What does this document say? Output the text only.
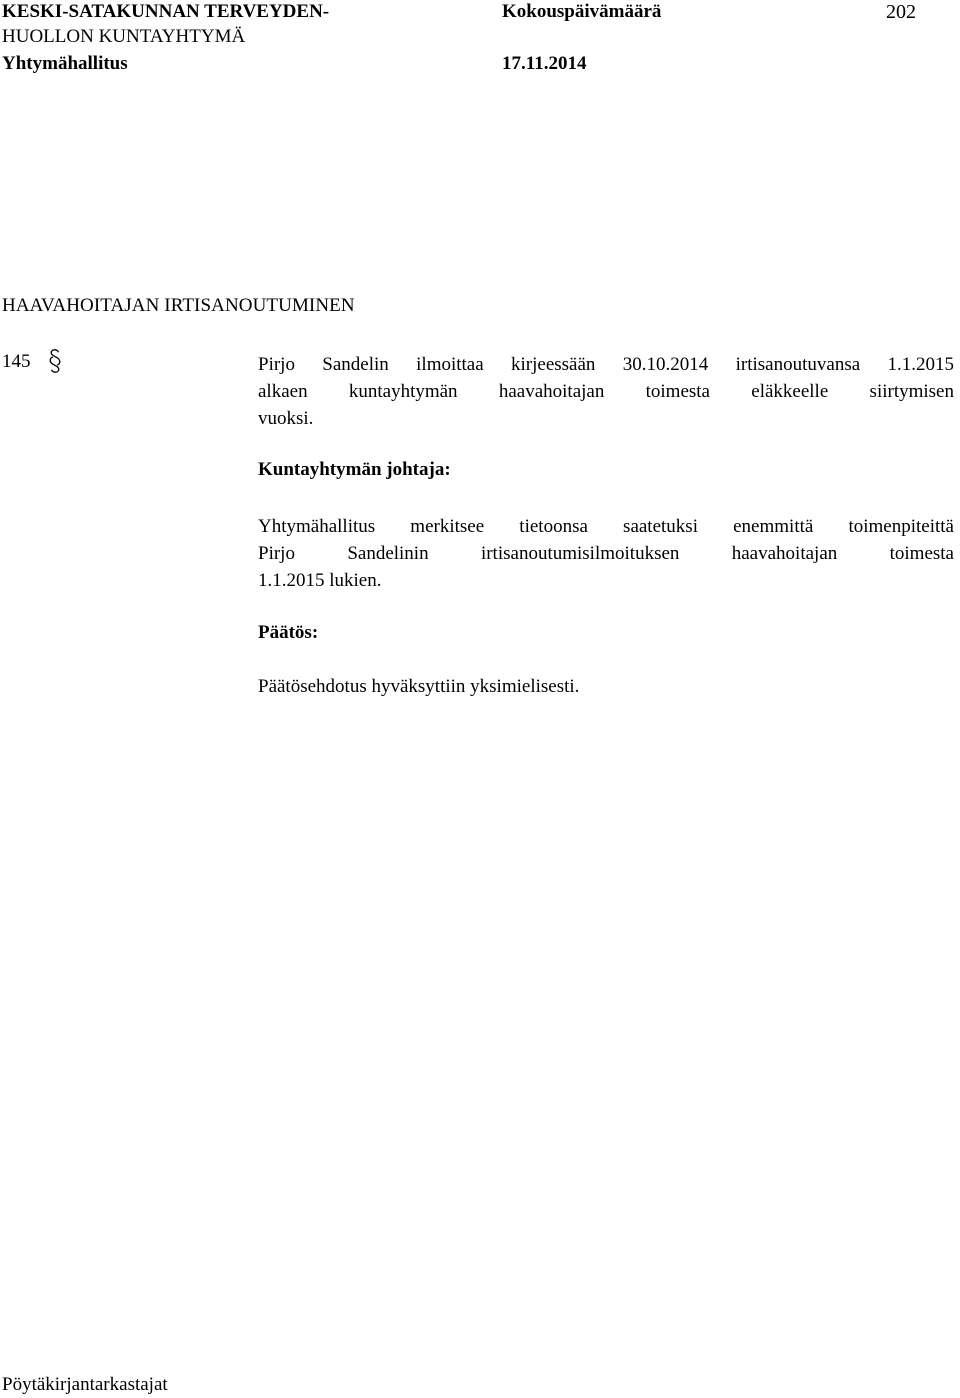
KESKI-SATAKUNNAN TERVEYDEN-
HUOLLON KUNTAYHTYMÄ
Yhtymähallitus
Kokouspäivämäärä
17.11.2014
202
HAAVAHOITAJAN IRTISANOUTUMINEN
145	Pirjo Sandelin ilmoittaa kirjeessään 30.10.2014 irtisanoutuvansa 1.1.2015
alkaen kuntayhtymän haavahoitajan toimesta eläkkeelle siirtymisen
vuoksi.
Kuntayhtymän johtaja:
Yhtymähallitus merkitsee tietoonsa saatetuksi enemmittä toimenpiteittä
Pirjo Sandelinin irtisanoutumisilmoituksen haavahoitajan toimesta
1.1.2015 lukien.
Päätös:
Päätösehdotus hyväksyttiin yksimielisesti.
Pöytäkirjantarkastajat
